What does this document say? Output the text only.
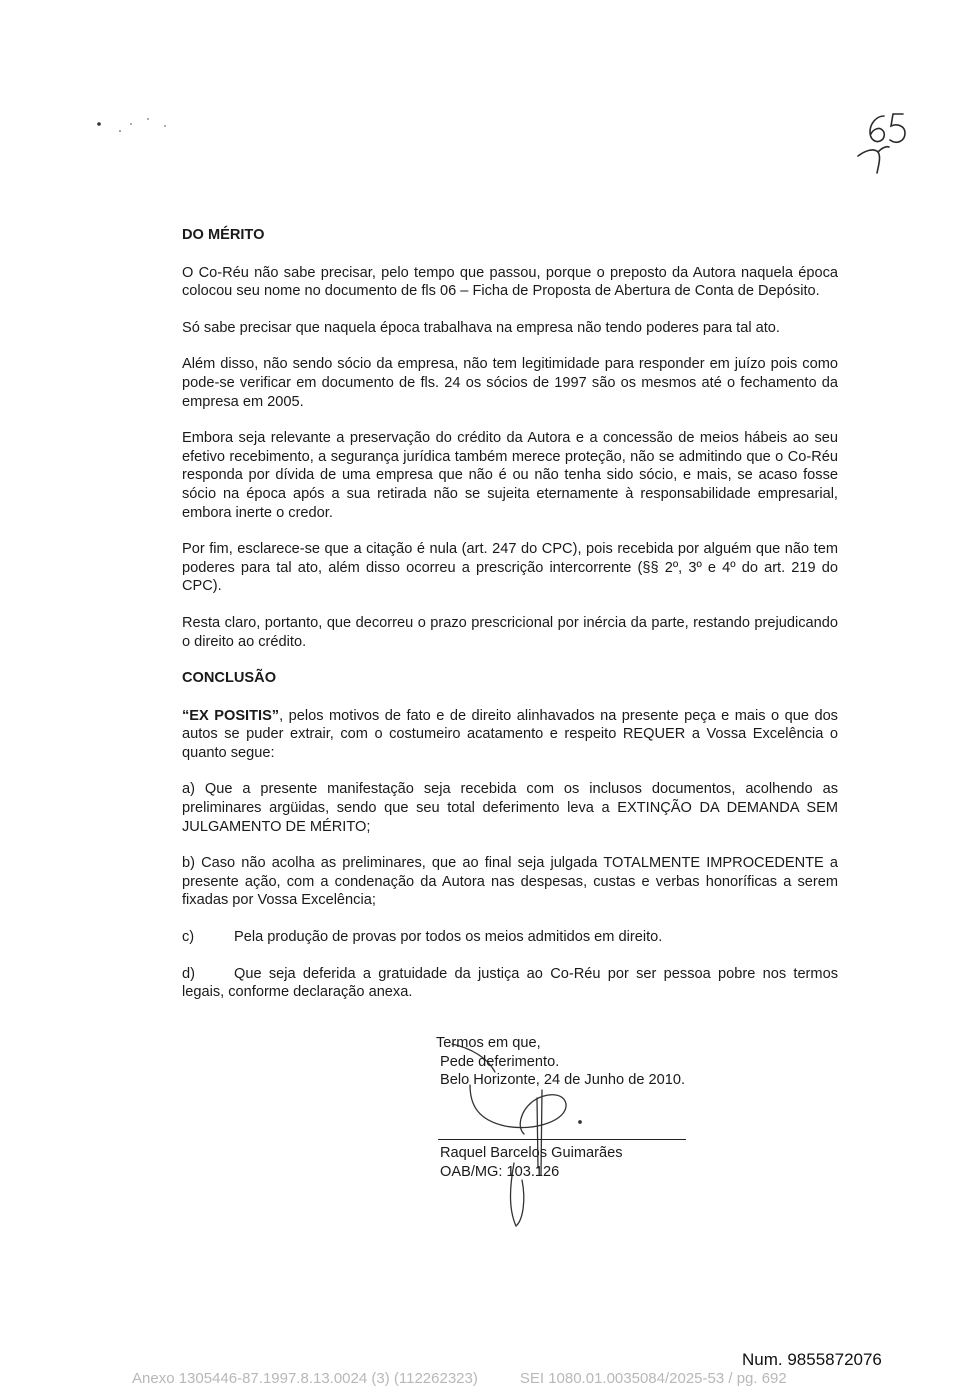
DO MÉRITO

O Co-Réu não sabe precisar, pelo tempo que passou, porque o preposto da Autora naquela época colocou seu nome no documento de fls 06 – Ficha de Proposta de Abertura de Conta de Depósito.

Só sabe precisar que naquela época trabalhava na empresa não tendo poderes para tal ato.

Além disso, não sendo sócio da empresa, não tem legitimidade para responder em juízo pois como pode-se verificar em documento de fls. 24 os sócios de 1997 são os mesmos até o fechamento da empresa em 2005.

Embora seja relevante a preservação do crédito da Autora e a concessão de meios hábeis ao seu efetivo recebimento, a segurança jurídica também merece proteção, não se admitindo que o Co-Réu responda por dívida de uma empresa que não é ou não tenha sido sócio, e mais, se acaso fosse sócio na época após a sua retirada não se sujeita eternamente à responsabilidade empresarial, embora inerte o credor.

Por fim, esclarece-se que a citação é nula (art. 247 do CPC), pois recebida por alguém que não tem poderes para tal ato, além disso ocorreu a prescrição intercorrente (§§ 2º, 3º e 4º do art. 219 do CPC).

Resta claro, portanto, que decorreu o prazo prescricional por inércia da parte, restando prejudicando o direito ao crédito.

CONCLUSÃO

“EX POSITIS”, pelos motivos de fato e de direito alinhavados na presente peça e mais o que dos autos se puder extrair, com o costumeiro acatamento e respeito REQUER a Vossa Excelência o quanto segue:

a) Que a presente manifestação seja recebida com os inclusos documentos, acolhendo as preliminares argüidas, sendo que seu total deferimento leva a EXTINÇÃO DA DEMANDA SEM JULGAMENTO DE MÉRITO;

b) Caso não acolha as preliminares, que ao final seja julgada TOTALMENTE IMPROCEDENTE a presente ação, com a condenação da Autora nas despesas, custas e verbas honoríficas a serem fixadas por Vossa Excelência;

c)	Pela produção de provas por todos os meios admitidos em direito.

d)	Que seja deferida a gratuidade da justiça ao Co-Réu por ser pessoa pobre nos termos legais, conforme declaração anexa.

Termos em que,
Pede deferimento.
Belo Horizonte, 24 de Junho de 2010.
Raquel Barcelos Guimarães
OAB/MG: 103.126
Num. 9855872076
Anexo 1305446-87.1997.8.13.0024 (3) (112262323)	SEI 1080.01.0035084/2025-53 / pg. 692
